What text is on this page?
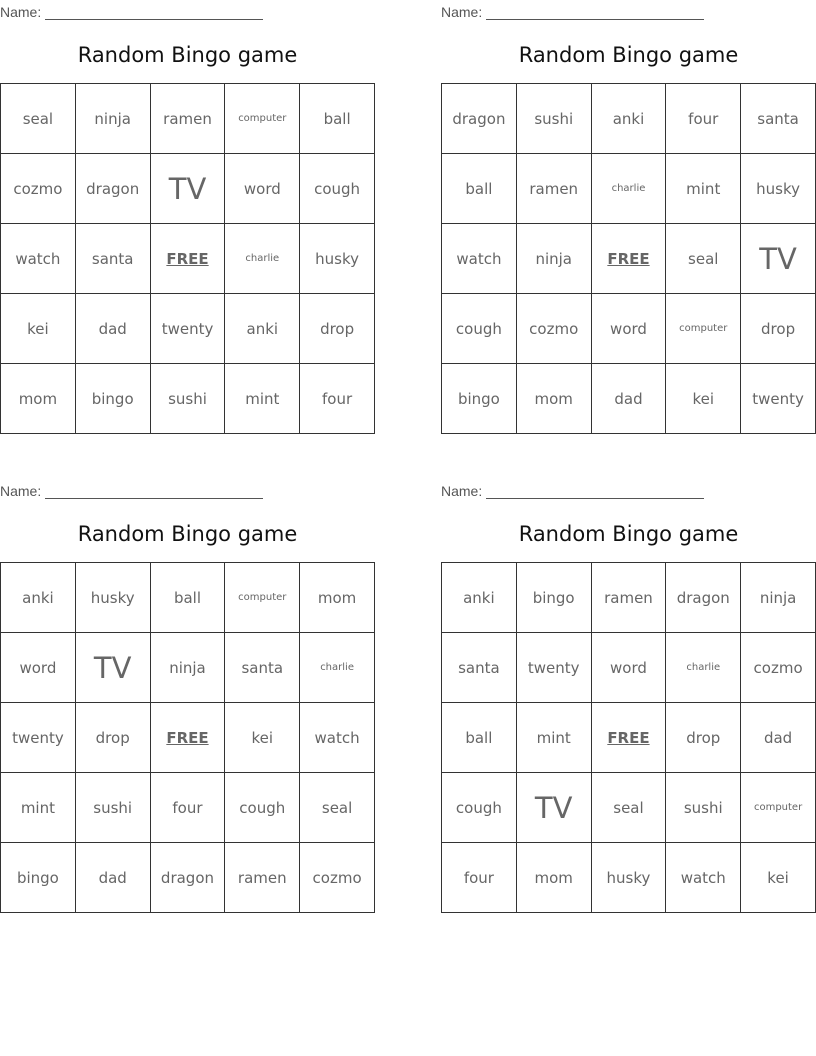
Name:
Random Bingo game
seal	ninja	ramen	computer	ball
cozmo	dragon	TV	word	cough
watch	santa	FREE	charlie	husky
kei	dad	twenty	anki	drop
mom	bingo	sushi	mint	four
Name:
Random Bingo game
dragon	sushi	anki	four	santa
ball	ramen	charlie	mint	husky
watch	ninja	FREE	seal	TV
cough	cozmo	word	computer	drop
bingo	mom	dad	kei	twenty
Name:
Random Bingo game
anki	husky	ball	computer	mom
word	TV	ninja	santa	charlie
twenty	drop	FREE	kei	watch
mint	sushi	four	cough	seal
bingo	dad	dragon	ramen	cozmo
Name:
Random Bingo game
anki	bingo	ramen	dragon	ninja
santa	twenty	word	charlie	cozmo
ball	mint	FREE	drop	dad
cough	TV	seal	sushi	computer
four	mom	husky	watch	kei
